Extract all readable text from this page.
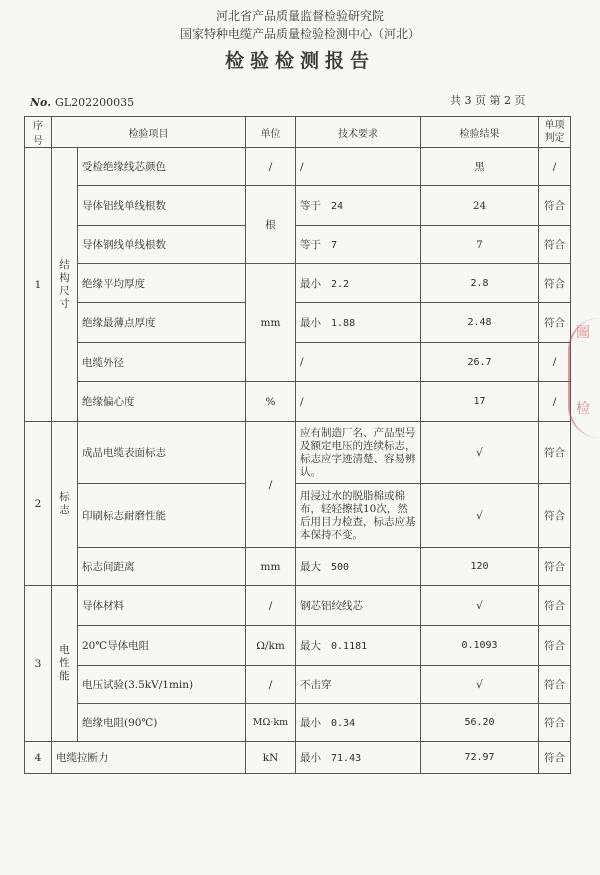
河北省产品质量监督检验研究院
国家特种电缆产品质量检验检测中心（河北）
检验检测报告
No. GL202200035	共 3 页 第 2 页
序号	检验项目		单位	技术要求	检验结果	单项判定
1	结构尺寸	受检绝缘线芯颜色	/	/	黑	/
		导体铝线单线根数	根	等于 24	24	符合
		导体钢线单线根数		等于 7	7	符合
		绝缘平均厚度	mm	最小 2.2	2.8	符合
		绝缘最薄点厚度		最小 1.88	2.48	符合
		电缆外径		/	26.7	/
		绝缘偏心度	%	/	17	/
2	标志	成品电缆表面标志	/	应有制造厂名、产品型号及额定电压的连续标志，标志应字迹清楚、容易辨认。	√	符合
		印刷标志耐磨性能		用浸过水的脱脂棉或棉布，轻轻擦拭10次，然后用目力检查，标志应基本保持不变。	√	符合
		标志间距离	mm	最大 500	120	符合
3	电性能	导体材料	/	钢芯铝绞线芯	√	符合
		20℃导体电阻	Ω/km	最大 0.1181	0.1093	符合
		电压试验(3.5kV/1min)	/	不击穿	√	符合
		绝缘电阻(90℃)	MΩ·km	最小 0.34	56.20	符合
4	电缆拉断力		kN	最小 71.43	72.97	符合
圖
检
